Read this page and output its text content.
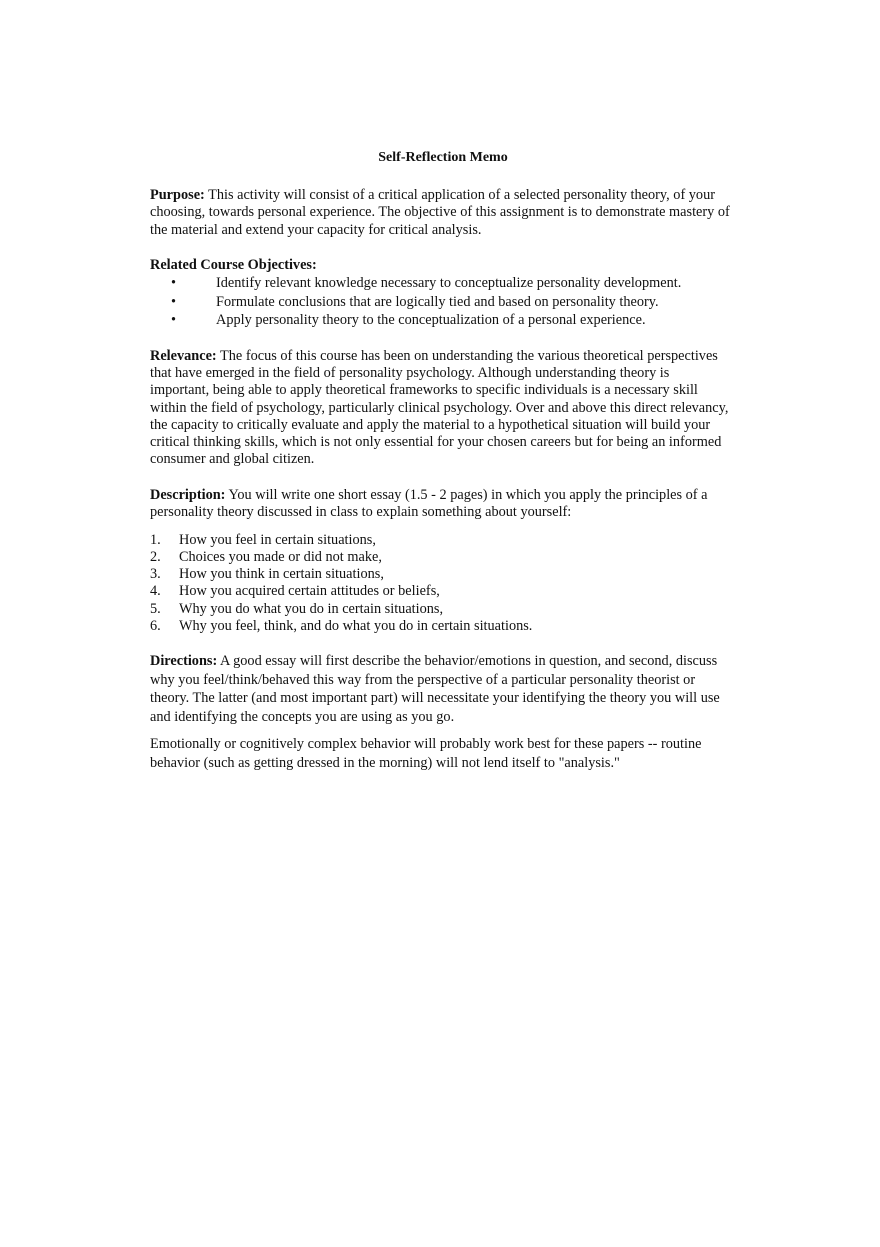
Self-Reflection Memo

Purpose: This activity will consist of a critical application of a selected personality theory, of your choosing, towards personal experience. The objective of this assignment is to demonstrate mastery of the material and extend your capacity for critical analysis.

Related Course Objectives:

•	Identify relevant knowledge necessary to conceptualize personality development.
•	Formulate conclusions that are logically tied and based on personality theory.
•	Apply personality theory to the conceptualization of a personal experience.

Relevance: The focus of this course has been on understanding the various theoretical perspectives that have emerged in the field of personality psychology. Although understanding theory is important, being able to apply theoretical frameworks to specific individuals is a necessary skill within the field of psychology, particularly clinical psychology. Over and above this direct relevancy, the capacity to critically evaluate and apply the material to a hypothetical situation will build your critical thinking skills, which is not only essential for your chosen careers but for being an informed consumer and global citizen.

Description: You will write one short essay (1.5 - 2 pages) in which you apply the principles of a personality theory discussed in class to explain something about yourself:

1. How you feel in certain situations,
2. Choices you made or did not make,
3. How you think in certain situations,
4. How you acquired certain attitudes or beliefs,
5. Why you do what you do in certain situations,
6. Why you feel, think, and do what you do in certain situations.

Directions: A good essay will first describe the behavior/emotions in question, and second, discuss why you feel/think/behaved this way from the perspective of a particular personality theorist or theory. The latter (and most important part) will necessitate your identifying the theory you will use and identifying the concepts you are using as you go.

Emotionally or cognitively complex behavior will probably work best for these papers -- routine behavior (such as getting dressed in the morning) will not lend itself to "analysis."
